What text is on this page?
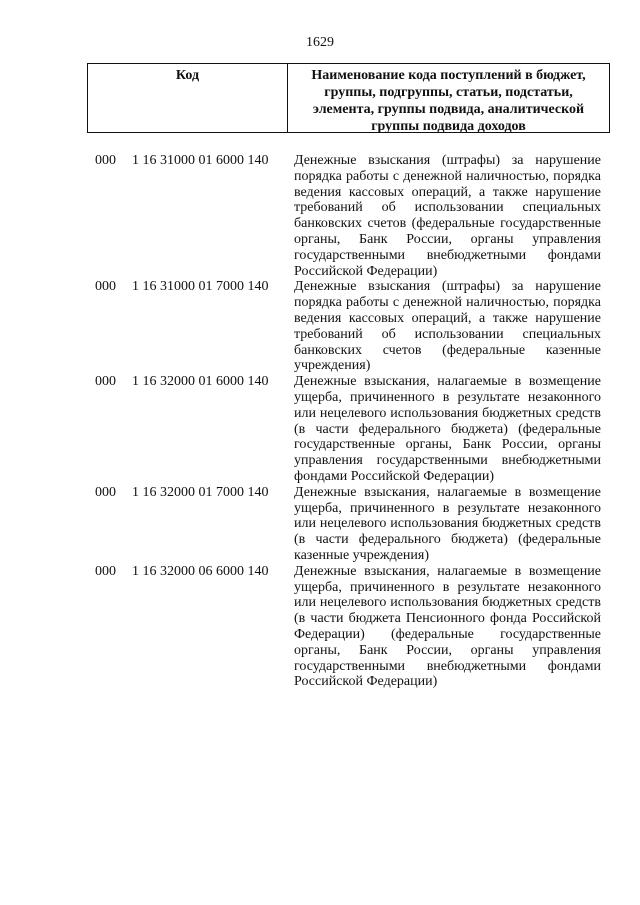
1629
Код	Наименование кода поступлений в бюджет, группы, подгруппы, статьи, подстатьи, элемента, группы подвида, аналитической группы подвида доходов
000	1 16 31000 01 6000 140	Денежные взыскания (штрафы) за нарушение порядка работы с денежной наличностью, порядка ведения кассовых операций, а также нарушение требований об использовании специальных банковских счетов (федеральные государственные органы, Банк России, органы управления государственными внебюджетными фондами Российской Федерации)
000	1 16 31000 01 7000 140	Денежные взыскания (штрафы) за нарушение порядка работы с денежной наличностью, порядка ведения кассовых операций, а также нарушение требований об использовании специальных банковских счетов (федеральные казенные учреждения)
000	1 16 32000 01 6000 140	Денежные взыскания, налагаемые в возмещение ущерба, причиненного в результате незаконного или нецелевого использования бюджетных средств (в части федерального бюджета) (федеральные государственные органы, Банк России, органы управления государственными внебюджетными фондами Российской Федерации)
000	1 16 32000 01 7000 140	Денежные взыскания, налагаемые в возмещение ущерба, причиненного в результате незаконного или нецелевого использования бюджетных средств (в части федерального бюджета) (федеральные казенные учреждения)
000	1 16 32000 06 6000 140	Денежные взыскания, налагаемые в возмещение ущерба, причиненного в результате незаконного или нецелевого использования бюджетных средств (в части бюджета Пенсионного фонда Российской Федерации) (федеральные государственные органы, Банк России, органы управления государственными внебюджетными фондами Российской Федерации)
